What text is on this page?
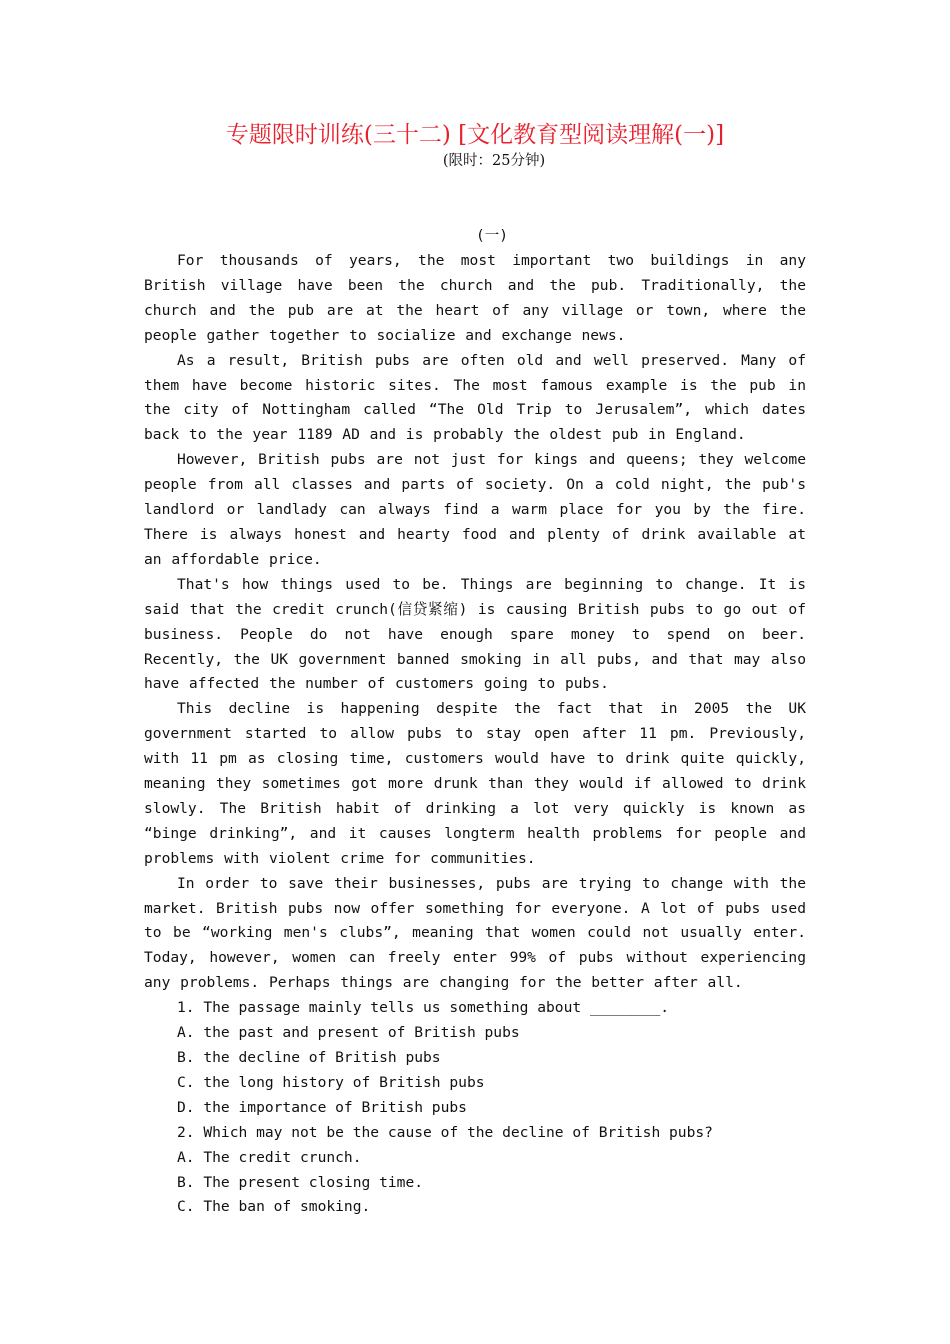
专题限时训练(三十二) [文化教育型阅读理解(一)]
(限时：25分钟)
(一)

For thousands of years, the most important two buildings in any British village have been the church and the pub. Traditionally, the church and the pub are at the heart of any village or town, where the people gather together to socialize and exchange news.

As a result, British pubs are often old and well preserved. Many of them have become historic sites. The most famous example is the pub in the city of Nottingham called “The Old Trip to Jerusalem”, which dates back to the year 1189 AD and is probably the oldest pub in England.

However, British pubs are not just for kings and queens; they welcome people from all classes and parts of society. On a cold night, the pub's landlord or landlady can always find a warm place for you by the fire. There is always honest and hearty food and plenty of drink available at an affordable price.

That's how things used to be. Things are beginning to change. It is said that the credit crunch(信贷紧缩) is causing British pubs to go out of business. People do not have enough spare money to spend on beer. Recently, the UK government banned smoking in all pubs, and that may also have affected the number of customers going to pubs.

This decline is happening despite the fact that in 2005 the UK government started to allow pubs to stay open after 11 pm. Previously, with 11 pm as closing time, customers would have to drink quite quickly, meaning they sometimes got more drunk than they would if allowed to drink slowly. The British habit of drinking a lot very quickly is known as “binge drinking”, and it causes longterm health problems for people and problems with violent crime for communities.

In order to save their businesses, pubs are trying to change with the market. British pubs now offer something for everyone. A lot of pubs used to be “working men's clubs”, meaning that women could not usually enter. Today, however, women can freely enter 99% of pubs without experiencing any problems. Perhaps things are changing for the better after all.

1. The passage mainly tells us something about ________.

A. the past and present of British pubs

B. the decline of British pubs

C. the long history of British pubs

D. the importance of British pubs

2. Which may not be the cause of the decline of British pubs?

A. The credit crunch.

B. The present closing time.

C. The ban of smoking.
